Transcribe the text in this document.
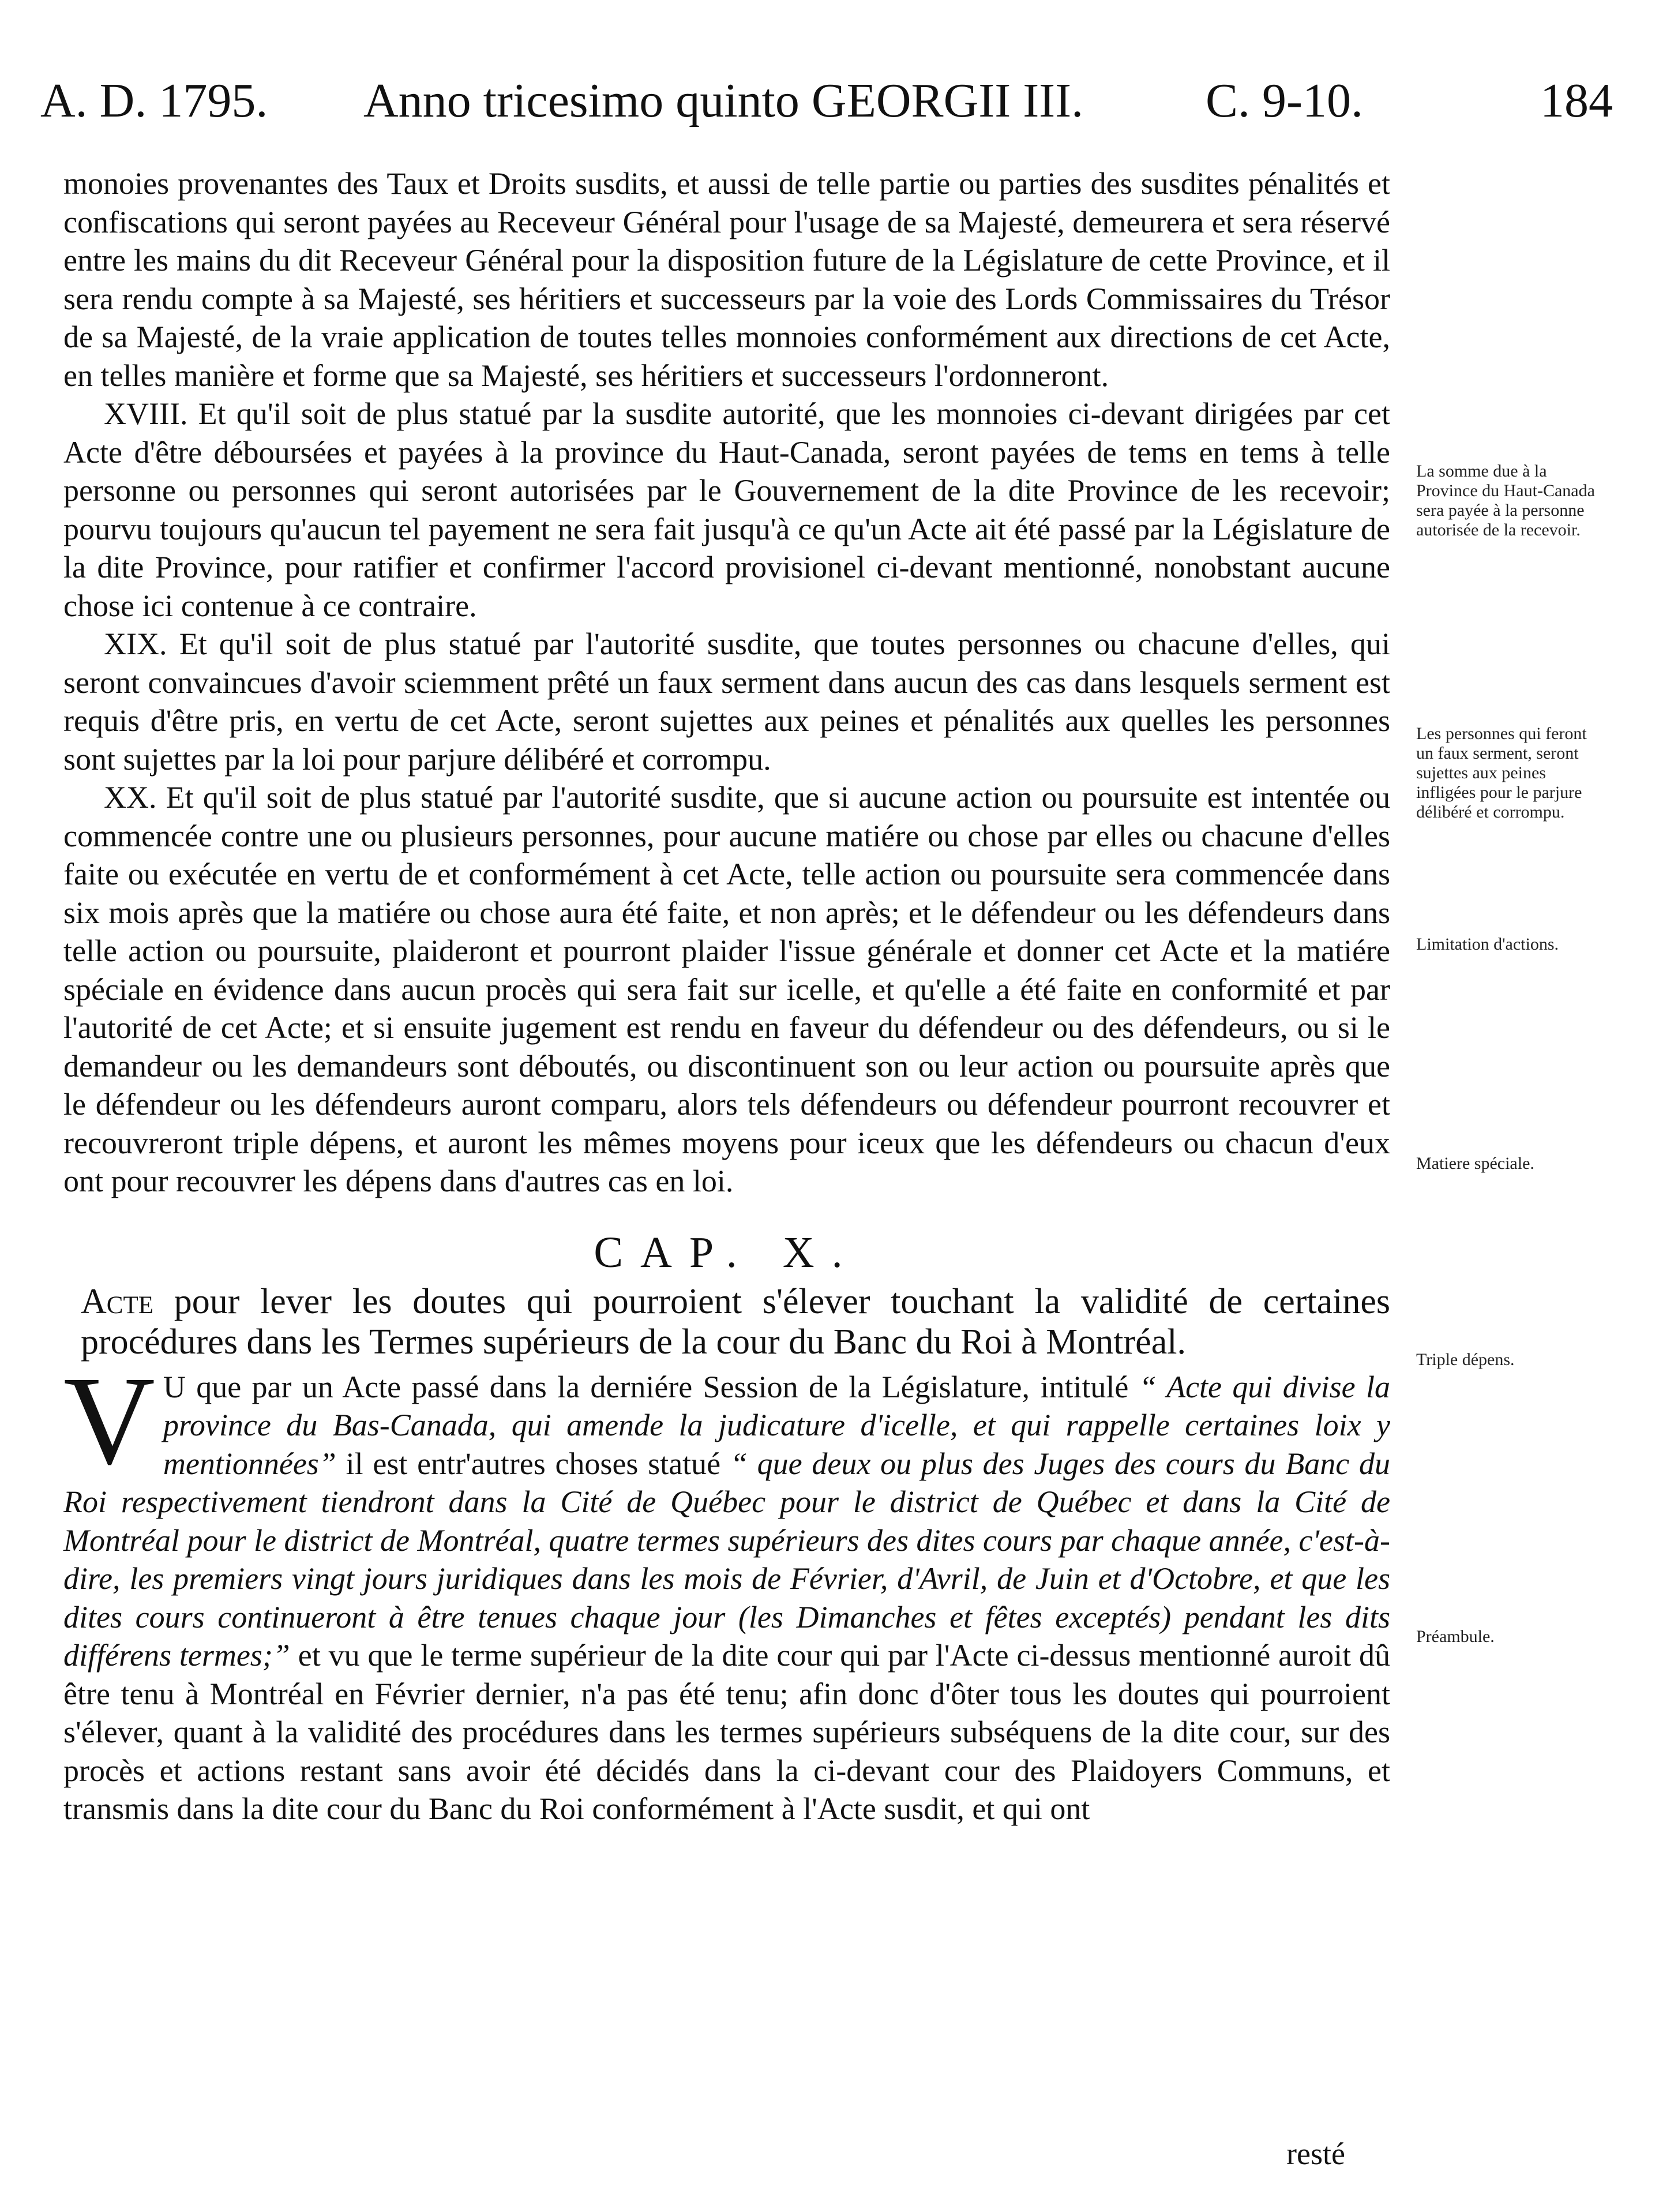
A. D. 1795. Anno tricesimo quinto GEORGII III.	C. 9-10.	184

monoies provenantes des Taux et Droits susdits, et aussi de telle partie ou parties des susdites pénalités et confiscations qui seront payées au Receveur Général pour l'usage de sa Majesté, demeurera et sera réservé entre les mains du dit Receveur Général pour la disposition future de la Législature de cette Province, et il sera rendu compte à sa Majesté, ses héritiers et successeurs par la voie des Lords Commissaires du Trésor de sa Majesté, de la vraie application de toutes telles monnoies conformément aux directions de cet Acte, en telles manière et forme que sa Majesté, ses héritiers et successeurs l'ordonneront.

XVIII. Et qu'il soit de plus statué par la susdite autorité, que les monnoies ci-devant dirigées par cet Acte d'être déboursées et payées à la province du Haut-Canada, seront payées de tems en tems à telle personne ou personnes qui seront autorisées par le Gouvernement de la dite Province de les recevoir; pourvu toujours qu'aucun tel payement ne sera fait jusqu'à ce qu'un Acte ait été passé par la Législature de la dite Province, pour ratifier et confirmer l'accord provisionel ci-devant mentionné, nonobstant aucune chose ici contenue à ce contraire.

XIX. Et qu'il soit de plus statué par l'autorité susdite, que toutes personnes ou chacune d'elles, qui seront convaincues d'avoir sciemment prêté un faux serment dans aucun des cas dans lesquels serment est requis d'être pris, en vertu de cet Acte, seront sujettes aux peines et pénalités aux quelles les personnes sont sujettes par la loi pour parjure délibéré et corrompu.

XX. Et qu'il soit de plus statué par l'autorité susdite, que si aucune action ou poursuite est intentée ou commencée contre une ou plusieurs personnes, pour aucune matiére ou chose par elles ou chacune d'elles faite ou exécutée en vertu de et conformément à cet Acte, telle action ou poursuite sera commencée dans six mois après que la matiére ou chose aura été faite, et non après; et le défendeur ou les défendeurs dans telle action ou poursuite, plaideront et pourront plaider l'issue générale et donner cet Acte et la matiére spéciale en évidence dans aucun procès qui sera fait sur icelle, et qu'elle a été faite en conformité et par l'autorité de cet Acte; et si ensuite jugement est rendu en faveur du défendeur ou des défendeurs, ou si le demandeur ou les demandeurs sont déboutés, ou discontinuent son ou leur action ou poursuite après que le défendeur ou les défendeurs auront comparu, alors tels défendeurs ou défendeur pourront recouvrer et recouvreront triple dépens, et auront les mêmes moyens pour iceux que les défendeurs ou chacun d'eux ont pour recouvrer les dépens dans d'autres cas en loi.

CAP. X.
Acte pour lever les doutes qui pourroient s'élever touchant la validité de certaines procédures dans les Termes supérieurs de la cour du Banc du Roi à Montréal.

V U que par un Acte passé dans la derniére Session de la Législature, intitulé “ Acte qui divise la province du Bas-Canada, qui amende la judicature d'icelle, et qui rappelle certaines loix y mentionnées” il est entr'autres choses statué “ que deux ou plus des Juges des cours du Banc du Roi respectivement tiendront dans la Cité de Québec pour le district de Québec et dans la Cité de Montréal pour le district de Montréal, quatre termes supérieurs des dites cours par chaque année, c'est-à-dire, les premiers vingt jours juridiques dans les mois de Février, d'Avril, de Juin et d'Octobre, et que les dites cours continueront à être tenues chaque jour (les Dimanches et fêtes exceptés) pendant les dits différens termes;” et vu que le terme supérieur de la dite cour qui par l'Acte ci-dessus mentionné auroit dû être tenu à Montréal en Février dernier, n'a pas été tenu; afin donc d'ôter tous les doutes qui pourroient s'élever, quant à la validité des procédures dans les termes supérieurs subséquens de la dite cour, sur des procès et actions restant sans avoir été décidés dans la ci-devant cour des Plaidoyers Communs, et transmis dans la dite cour du Banc du Roi conformément à l'Acte susdit, et qui ont

resté
La somme due à la Province du Haut-Canada sera payée à la personne autorisée de la recevoir.
Les personnes qui feront un faux serment, seront sujettes aux peines infligées pour le parjure délibéré et corrompu.
Limitation d'actions.
Matiere spéciale.
Triple dépens.
Préambule.
